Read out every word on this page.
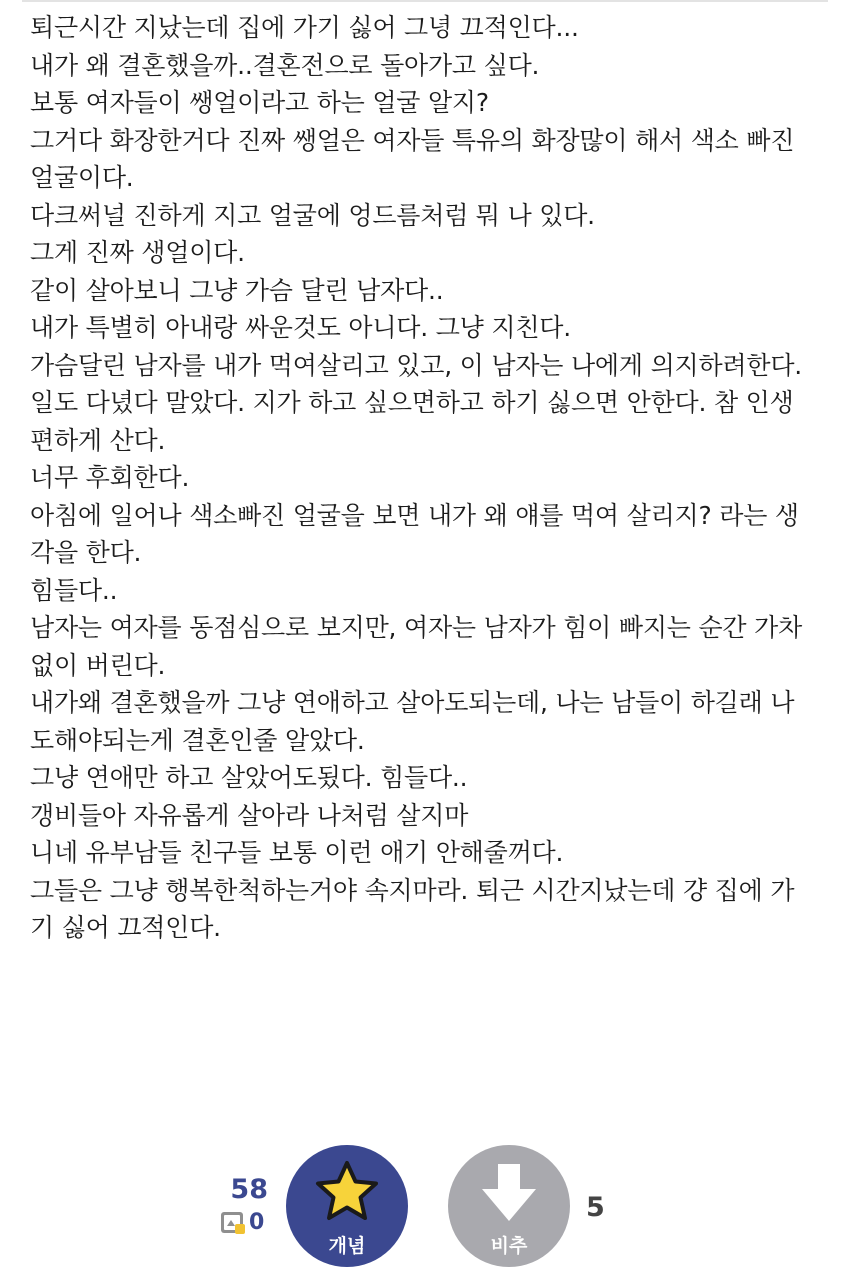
퇴근시간 지났는데 집에 가기 싫어 그녕 끄적인다...
내가 왜 결혼했을까..결혼전으로 돌아가고 싶다.
보통 여자들이 쌩얼이라고 하는 얼굴 알지?
그거다 화장한거다 진짜 쌩얼은 여자들 특유의 화장많이 해서 색소 빠진
얼굴이다.
다크써널 진하게 지고 얼굴에 엉드름처럼 뭐 나 있다.
그게 진짜 생얼이다.
같이 살아보니 그냥 가슴 달린 남자다..
내가 특별히 아내랑 싸운것도 아니다. 그냥 지친다.
가슴달린 남자를 내가 먹여살리고 있고, 이 남자는 나에게 의지하려한다.
일도 다녔다 말았다. 지가 하고 싶으면하고 하기 싫으면 안한다. 참 인생
편하게 산다.
너무 후회한다.
아침에 일어나 색소빠진 얼굴을 보면 내가 왜 얘를 먹여 살리지? 라는 생
각을 한다.
힘들다..
남자는 여자를 동점심으로 보지만, 여자는 남자가 힘이 빠지는 순간 가차
없이 버린다.
내가왜 결혼했을까 그냥 연애하고 살아도되는데, 나는 남들이 하길래 나
도해야되는게 결혼인줄 알았다.
그냥 연애만 하고 살았어도됬다. 힘들다..
갱비들아 자유롭게 살아라 나처럼 살지마
니네 유부남들 친구들 보통 이런 애기 안해줄꺼다.
그들은 그냥 행복한척하는거야 속지마라. 퇴근 시간지났는데 걍 집에 가
기 싫어 끄적인다.
58
0
개념	비추
5
